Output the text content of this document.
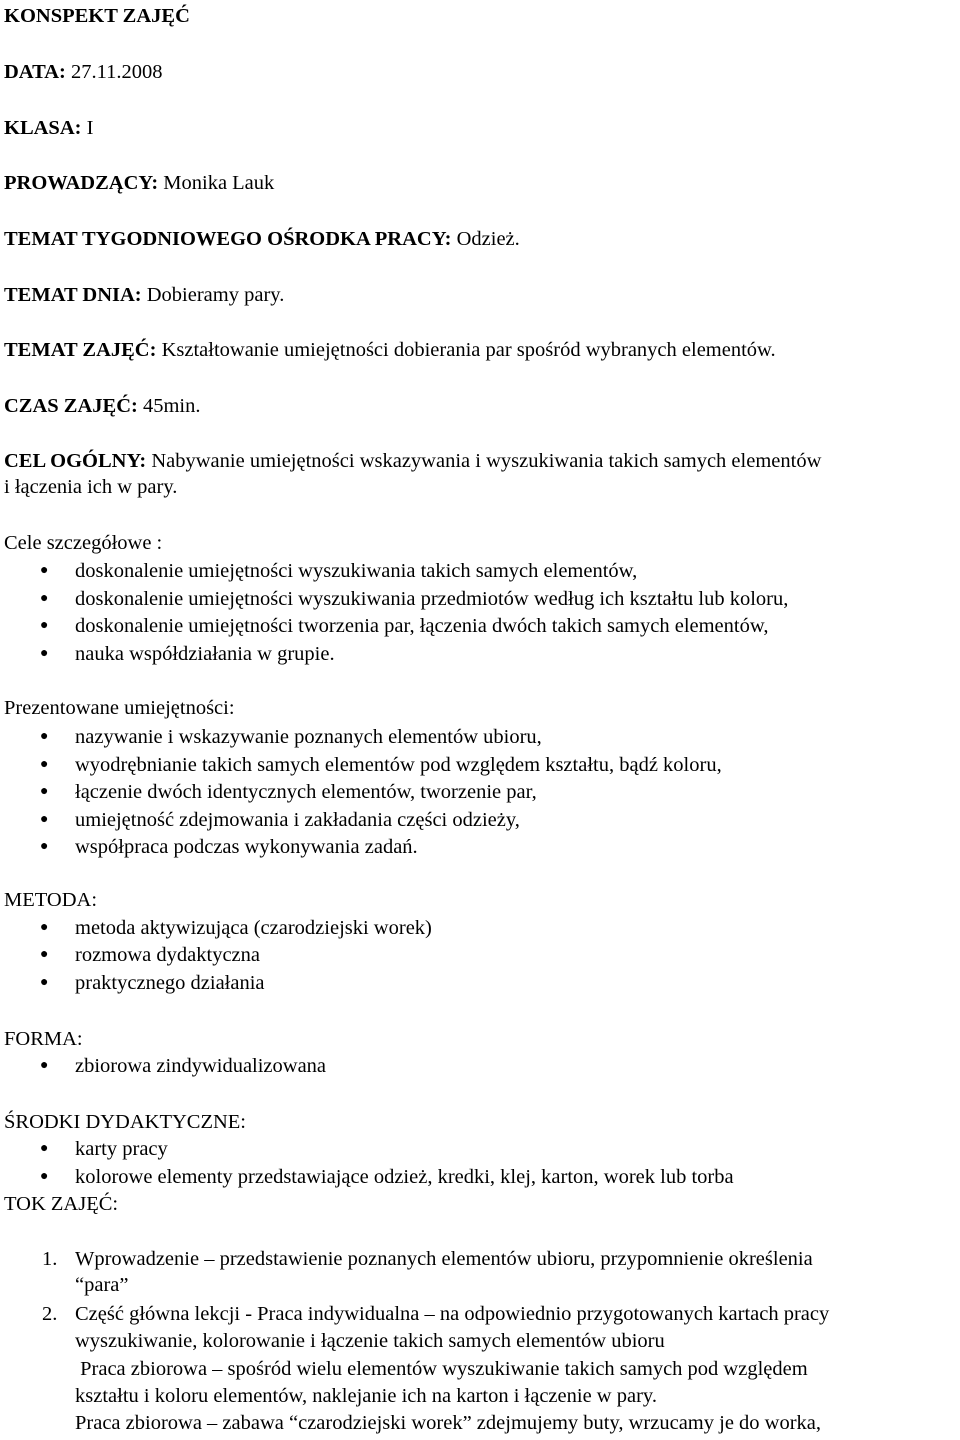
KONSPEKT ZAJĘĆ
DATA: 27.11.2008
KLASA: I
PROWADZĄCY: Monika Lauk
TEMAT TYGODNIOWEGO OŚRODKA PRACY: Odzież.
TEMAT DNIA: Dobieramy pary.
TEMAT ZAJĘĆ: Kształtowanie umiejętności dobierania par spośród wybranych elementów.
CZAS ZAJĘĆ: 45min.
CEL OGÓLNY: Nabywanie umiejętności wskazywania i wyszukiwania takich samych elementów
i łączenia ich w pary.
Cele szczegółowe :
● doskonalenie umiejętności wyszukiwania takich samych elementów,
● doskonalenie umiejętności wyszukiwania przedmiotów według ich kształtu lub koloru,
● doskonalenie umiejętności tworzenia par, łączenia dwóch takich samych elementów,
● nauka współdziałania w grupie.
Prezentowane umiejętności:
● nazywanie i wskazywanie poznanych elementów ubioru,
● wyodrębnianie takich samych elementów pod względem kształtu, bądź koloru,
● łączenie dwóch identycznych elementów, tworzenie par,
● umiejętność zdejmowania i zakładania części odzieży,
● współpraca podczas wykonywania zadań.
METODA:
● metoda aktywizująca (czarodziejski worek)
● rozmowa dydaktyczna
● praktycznego działania
FORMA:
● zbiorowa zindywidualizowana
ŚRODKI DYDAKTYCZNE:
● karty pracy
● kolorowe elementy przedstawiające odzież, kredki, klej, karton, worek lub torba
TOK ZAJĘĆ:
1. Wprowadzenie – przedstawienie poznanych elementów ubioru, przypomnienie określenia
“para”
2. Część główna lekcji - Praca indywidualna – na odpowiednio przygotowanych kartach pracy
wyszukiwanie, kolorowanie i łączenie takich samych elementów ubioru
Praca zbiorowa – spośród wielu elementów wyszukiwanie takich samych pod względem
kształtu i koloru elementów, naklejanie ich na karton i łączenie w pary.
Praca zbiorowa – zabawa “czarodziejski worek” zdejmujemy buty, wrzucamy je do worka,
